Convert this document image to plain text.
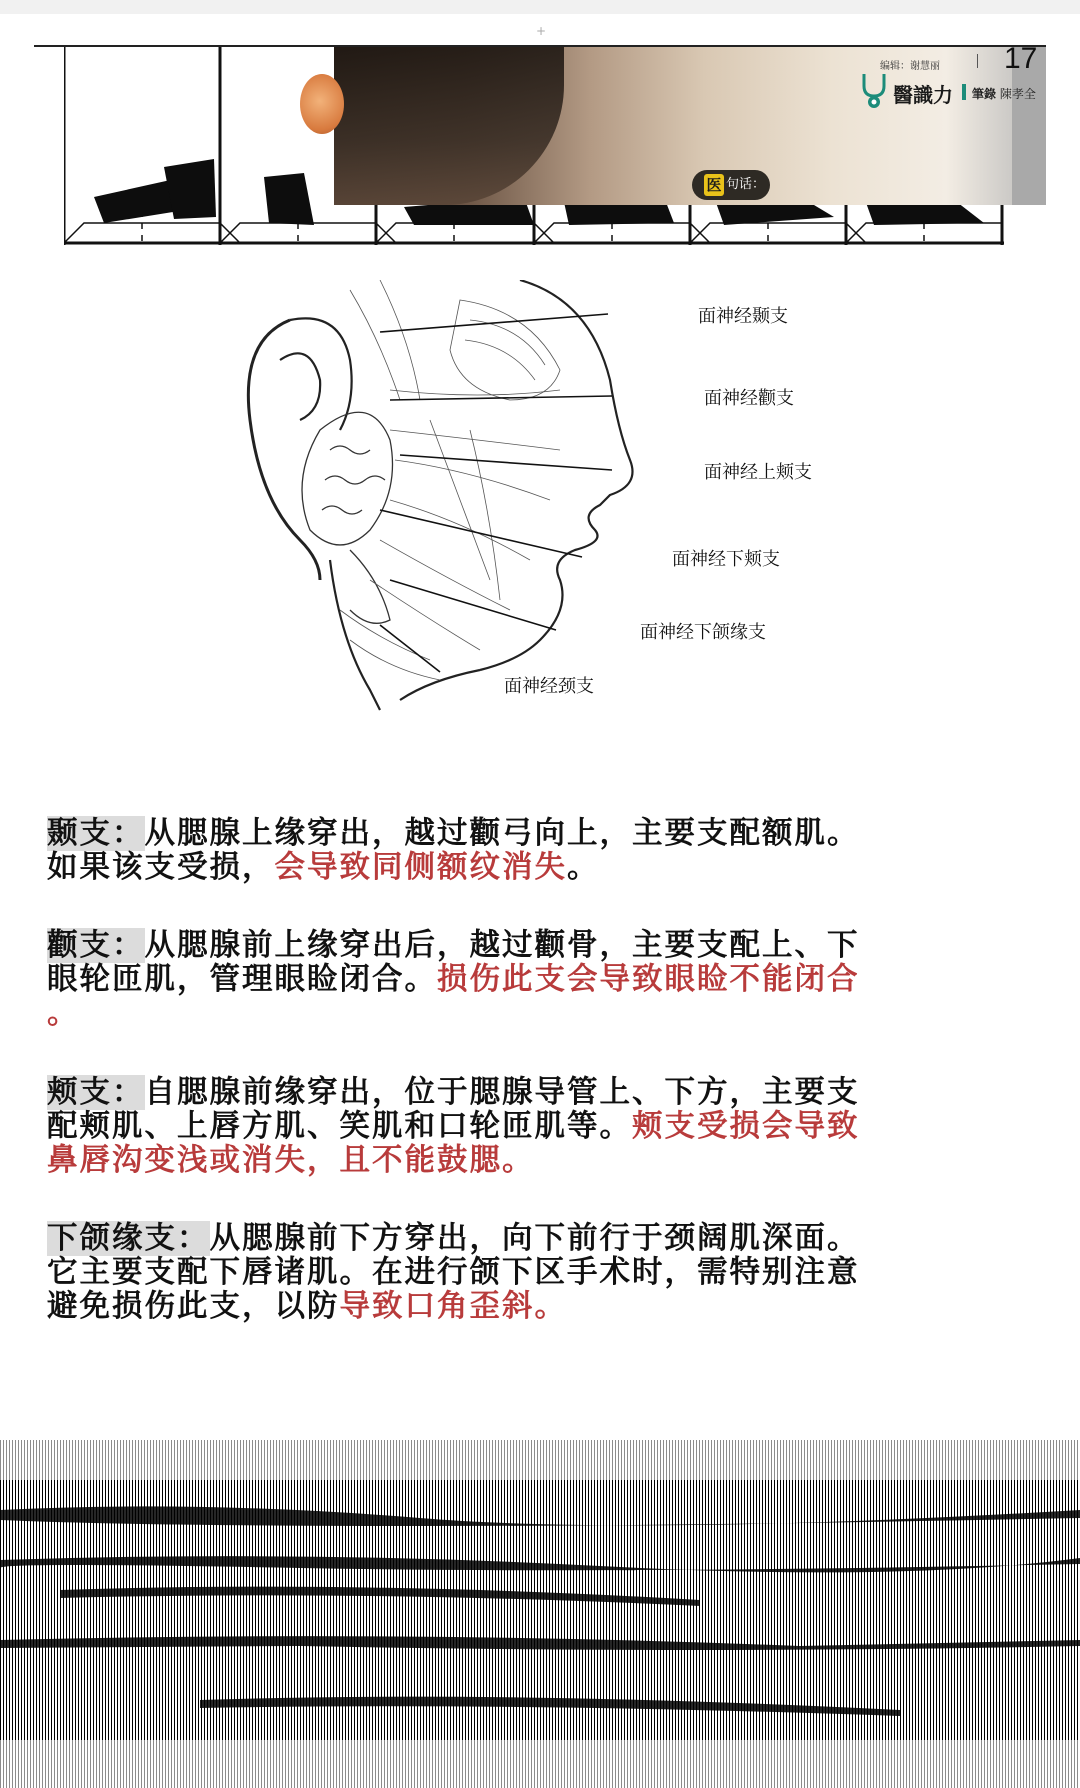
+
编辑：谢慧丽 17
醫識力 筆錄 陳孝全
医 句话：
面神经颞支
面神经颧支
面神经上颊支
面神经下颊支
面神经下颌缘支
面神经颈支
颞支：从腮腺上缘穿出，越过颧弓向上，主要支配额肌。
如果该支受损，会导致同侧额纹消失。
颧支：从腮腺前上缘穿出后，越过颧骨，主要支配上、下
眼轮匝肌，管理眼睑闭合。损伤此支会导致眼睑不能闭合
。
颊支：自腮腺前缘穿出，位于腮腺导管上、下方，主要支
配颊肌、上唇方肌、笑肌和口轮匝肌等。颊支受损会导致
鼻唇沟变浅或消失，且不能鼓腮。
下颌缘支：从腮腺前下方穿出，向下前行于颈阔肌深面。
它主要支配下唇诸肌。在进行颌下区手术时，需特别注意
避免损伤此支，以防导致口角歪斜。
